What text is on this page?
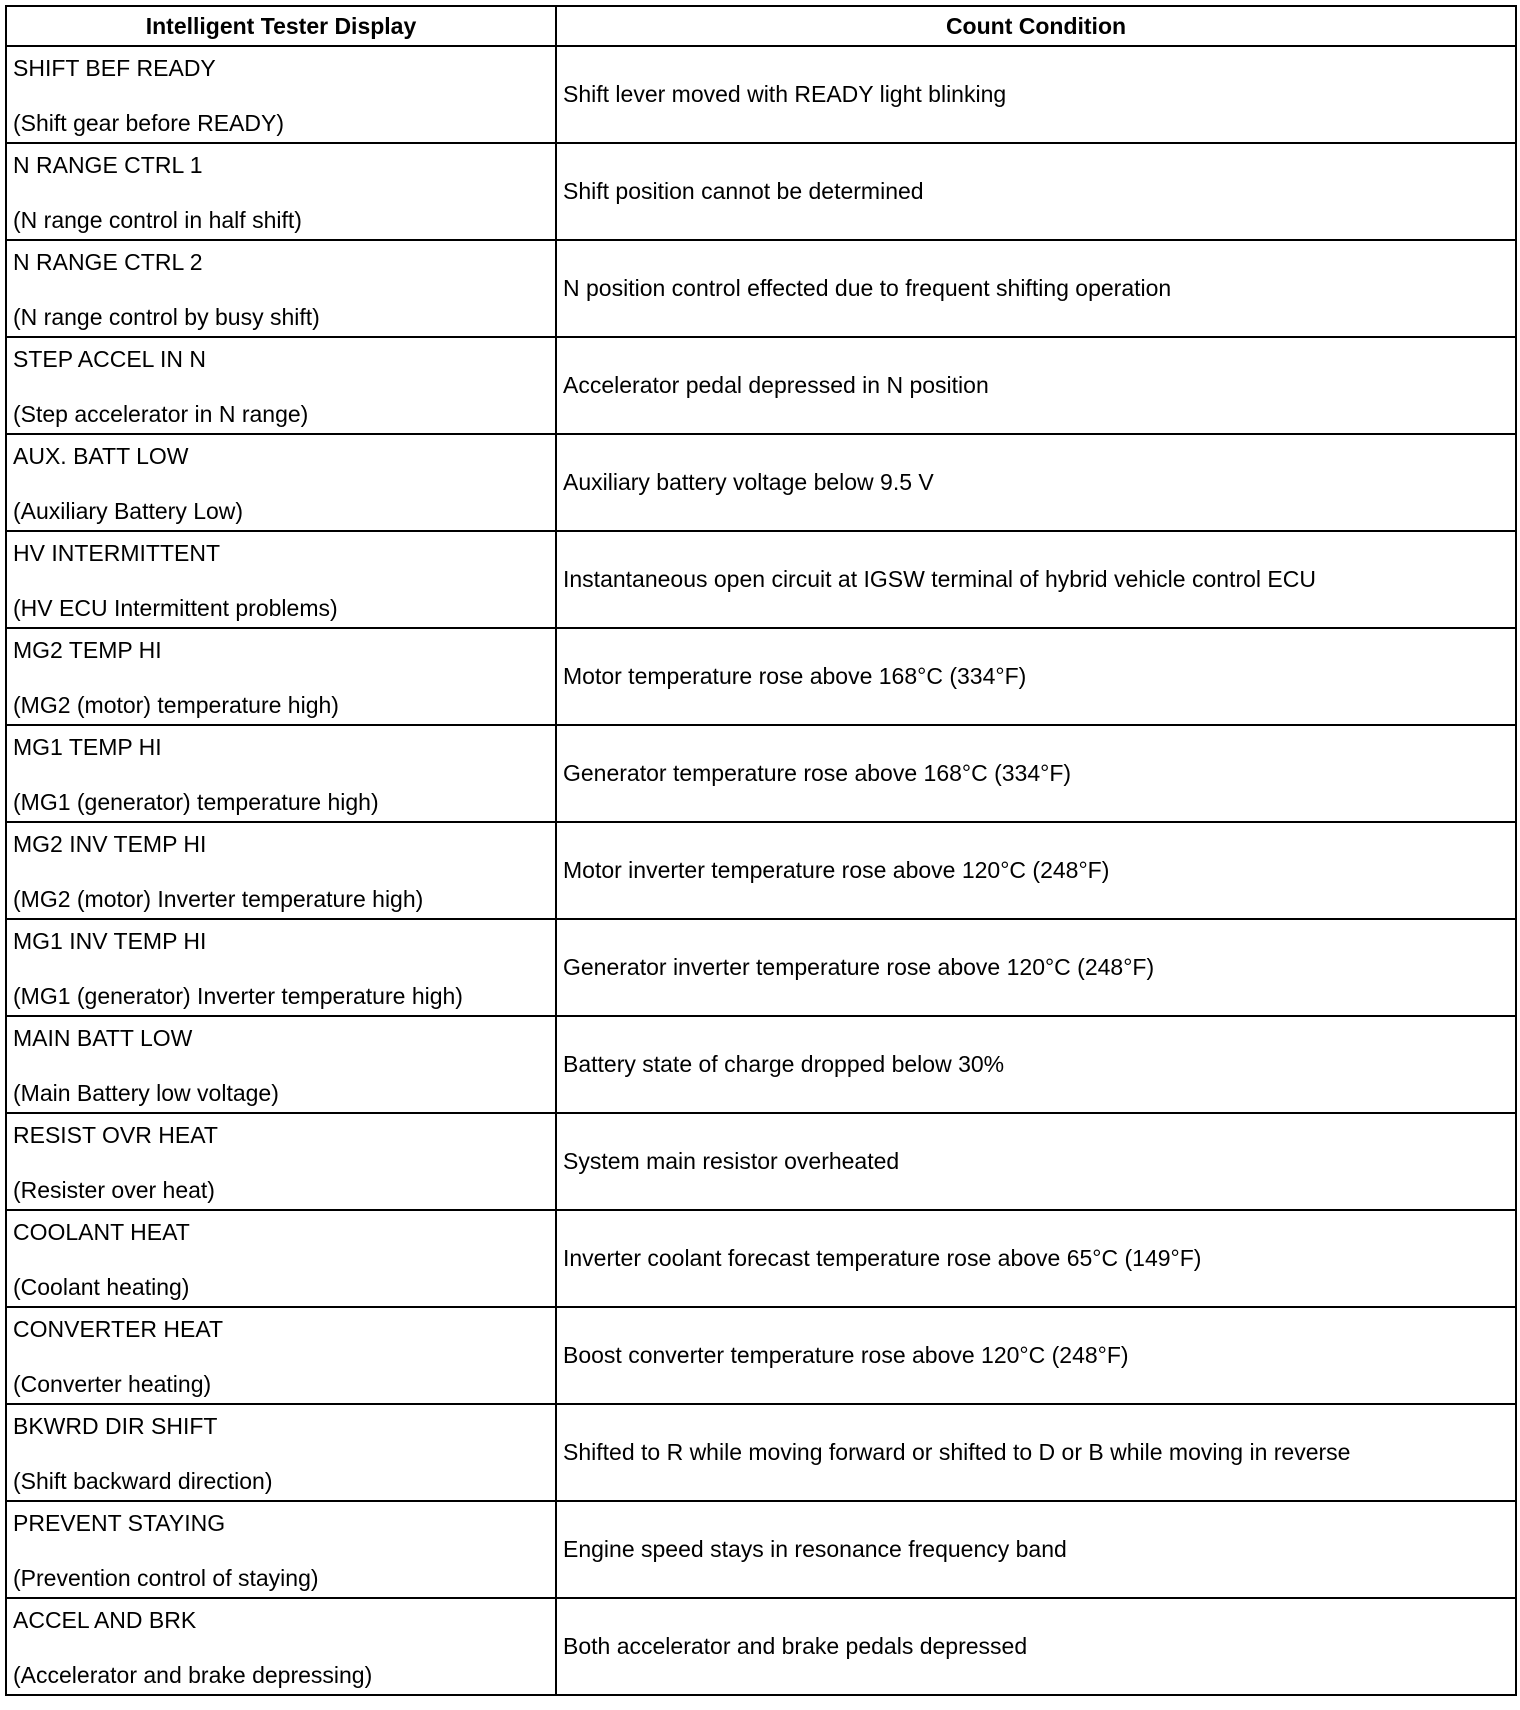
Intelligent Tester Display	Count Condition

SHIFT BEF READY
(Shift gear before READY)	Shift lever moved with READY light blinking

N RANGE CTRL 1
(N range control in half shift)	Shift position cannot be determined

N RANGE CTRL 2
(N range control by busy shift)	N position control effected due to frequent shifting operation

STEP ACCEL IN N
(Step accelerator in N range)	Accelerator pedal depressed in N position

AUX. BATT LOW
(Auxiliary Battery Low)	Auxiliary battery voltage below 9.5 V

HV INTERMITTENT
(HV ECU Intermittent problems)	Instantaneous open circuit at IGSW terminal of hybrid vehicle control ECU

MG2 TEMP HI
(MG2 (motor) temperature high)	Motor temperature rose above 168°C (334°F)

MG1 TEMP HI
(MG1 (generator) temperature high)	Generator temperature rose above 168°C (334°F)

MG2 INV TEMP HI
(MG2 (motor) Inverter temperature high)	Motor inverter temperature rose above 120°C (248°F)

MG1 INV TEMP HI
(MG1 (generator) Inverter temperature high)	Generator inverter temperature rose above 120°C (248°F)

MAIN BATT LOW
(Main Battery low voltage)	Battery state of charge dropped below 30%

RESIST OVR HEAT
(Resister over heat)	System main resistor overheated

COOLANT HEAT
(Coolant heating)	Inverter coolant forecast temperature rose above 65°C (149°F)

CONVERTER HEAT
(Converter heating)	Boost converter temperature rose above 120°C (248°F)

BKWRD DIR SHIFT
(Shift backward direction)	Shifted to R while moving forward or shifted to D or B while moving in reverse

PREVENT STAYING
(Prevention control of staying)	Engine speed stays in resonance frequency band

ACCEL AND BRK
(Accelerator and brake depressing)	Both accelerator and brake pedals depressed
